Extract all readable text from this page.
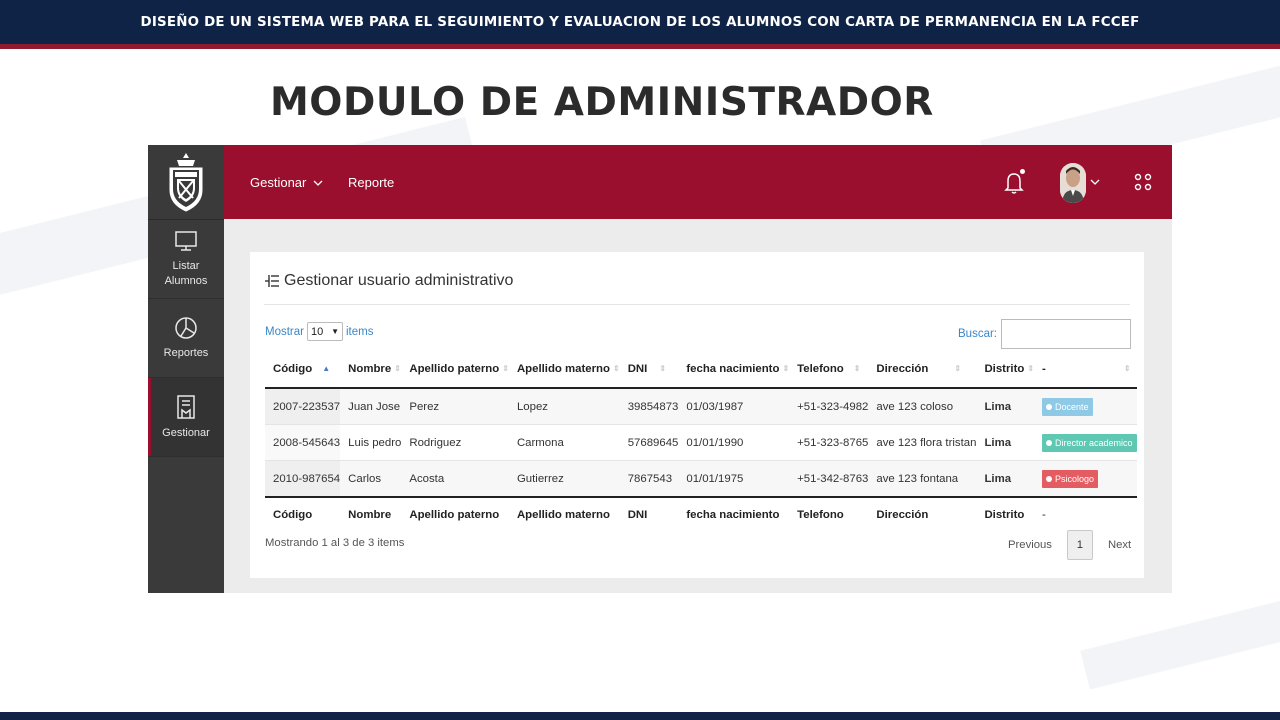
DISEÑO DE UN SISTEMA WEB PARA EL SEGUIMIENTO Y EVALUACION DE LOS ALUMNOS CON CARTA DE PERMANENCIA EN LA FCCEF
MODULO DE ADMINISTRADOR
Listar Alumnos
Reportes
Gestionar
Gestionar	Reporte
Gestionar usuario administrativo
Mostrar 10 ▼ items	Buscar:
Código ▲	Nombre ⇕	Apellido paterno ⇕	Apellido materno ⇕	DNI ⇕	fecha nacimiento ⇕	Telefono ⇕	Dirección ⇕	Distrito ⇕	- ⇕
2007-223537	Juan Jose	Perez	Lopez	39854873	01/03/1987	+51-323-4982	ave 123 coloso	Lima	Docente

2008-545643	Luis pedro	Rodriguez	Carmona	57689645	01/01/1990	+51-323-8765	ave 123 flora tristan	Lima	Director academico

2010-987654	Carlos	Acosta	Gutierrez	7867543	01/01/1975	+51-342-8763	ave 123 fontana	Lima	Psicologo

Código	Nombre	Apellido paterno	Apellido materno	DNI	fecha nacimiento	Telefono	Dirección	Distrito	-
Mostrando 1 al 3 de 3 items	Previous	1	Next
